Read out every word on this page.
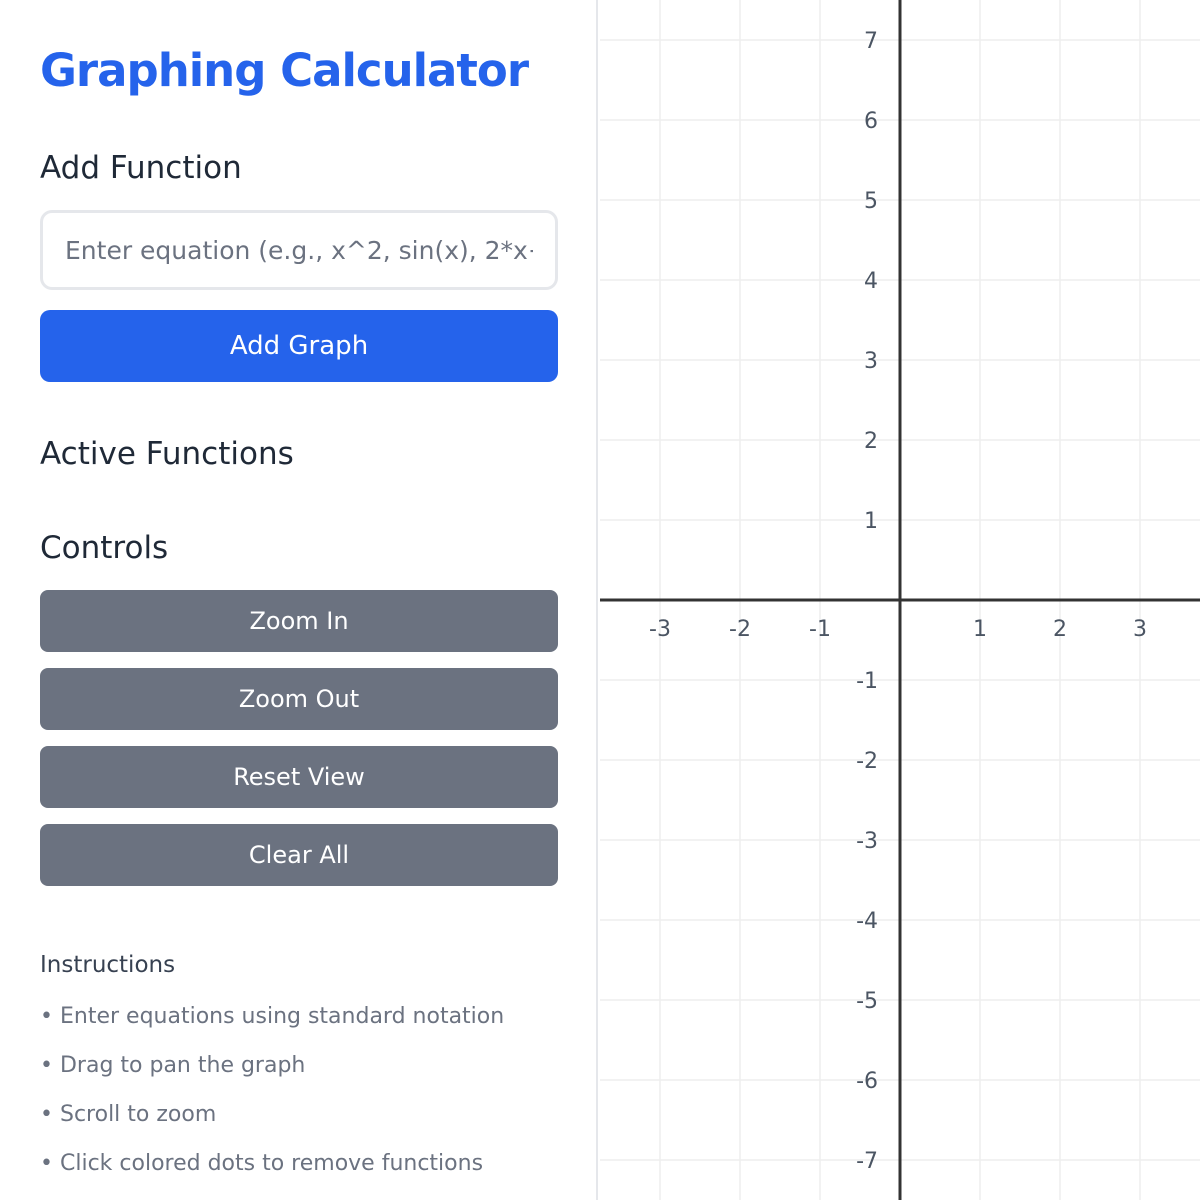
Graphing Calculator
Add Function
Enter equation (e.g., x^2, sin(x), 2*x+1)
Add Graph
Active Functions
Controls
Zoom In
Zoom Out
Reset View
Clear All
Instructions
• Enter equations using standard notation
• Drag to pan the graph
• Scroll to zoom
• Click colored dots to remove functions
-3	-2	-1	1	2	3
7
6
5
4
3
2
1
-1
-2
-3
-4
-5
-6
-7
